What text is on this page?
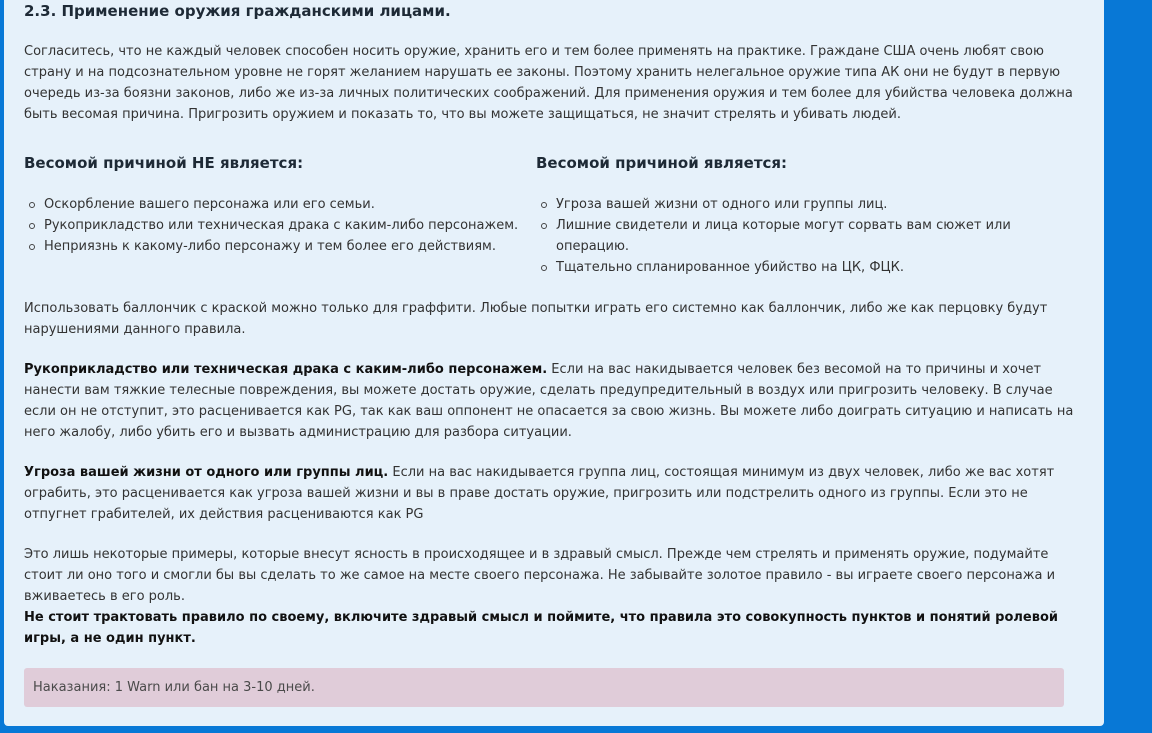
2.3. Применение оружия гражданскими лицами.

Согласитесь, что не каждый человек способен носить оружие, хранить его и тем более применять на практике. Граждане США очень любят свою страну и на подсознательном уровне не горят желанием нарушать ее законы. Поэтому хранить нелегальное оружие типа АК они не будут в первую очередь из-за боязни законов, либо же из-за личных политических соображений. Для применения оружия и тем более для убийства человека должна быть весомая причина. Пригрозить оружием и показать то, что вы можете защищаться, не значит стрелять и убивать людей.

Весомой причиной НЕ является:
Оскорбление вашего персонажа или его семьи.
Рукоприкладство или техническая драка с каким-либо персонажем.
Неприязнь к какому-либо персонажу и тем более его действиям.
Весомой причиной является:
Угроза вашей жизни от одного или группы лиц.
Лишние свидетели и лица которые могут сорвать вам сюжет или операцию.
Тщательно спланированное убийство на ЦК, ФЦК.

Использовать баллончик с краской можно только для граффити. Любые попытки играть его системно как баллончик, либо же как перцовку будут нарушениями данного правила.

Рукоприкладство или техническая драка с каким-либо персонажем. Если на вас накидывается человек без весомой на то причины и хочет нанести вам тяжкие телесные повреждения, вы можете достать оружие, сделать предупредительный в воздух или пригрозить человеку. В случае если он не отступит, это расценивается как PG, так как ваш оппонент не опасается за свою жизнь. Вы можете либо доиграть ситуацию и написать на него жалобу, либо убить его и вызвать администрацию для разбора ситуации.

Угроза вашей жизни от одного или группы лиц. Если на вас накидывается группа лиц, состоящая минимум из двух человек, либо же вас хотят ограбить, это расценивается как угроза вашей жизни и вы в праве достать оружие, пригрозить или подстрелить одного из группы. Если это не отпугнет грабителей, их действия расцениваются как PG

Это лишь некоторые примеры, которые внесут ясность в происходящее и в здравый смысл. Прежде чем стрелять и применять оружие, подумайте стоит ли оно того и смогли бы вы сделать то же самое на месте своего персонажа. Не забывайте золотое правило - вы играете своего персонажа и вживаетесь в его роль.

Не стоит трактовать правило по своему, включите здравый смысл и поймите, что правила это совокупность пунктов и понятий ролевой игры, а не один пункт.

Наказания: 1 Warn или бан на 3-10 дней.
